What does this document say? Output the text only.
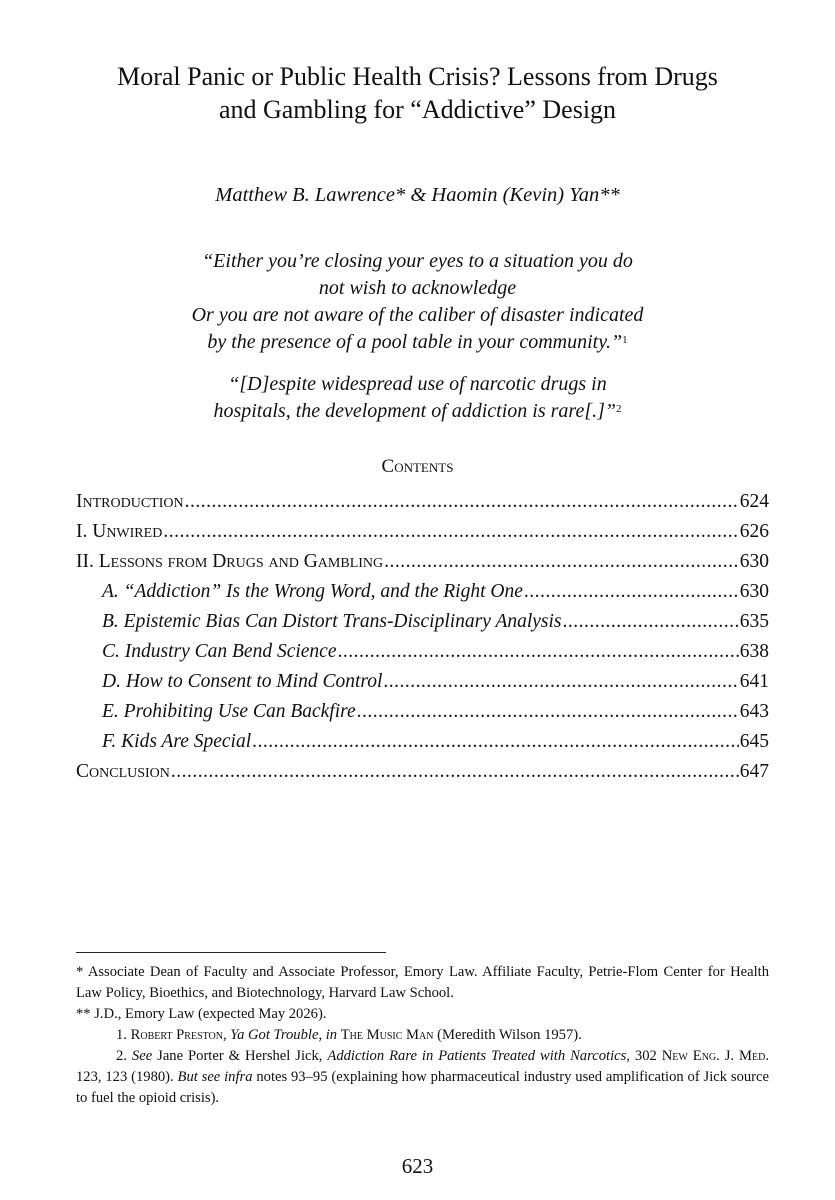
Moral Panic or Public Health Crisis? Lessons from Drugs
and Gambling for “Addictive” Design
Matthew B. Lawrence* & Haomin (Kevin) Yan**
“Either you’re closing your eyes to a situation you do
not wish to acknowledge
Or you are not aware of the caliber of disaster indicated
by the presence of a pool table in your community.”$^1$
“[D]espite widespread use of narcotic drugs in
hospitals, the development of addiction is rare[.]”$^2$
Contents
Introduction .....	624
I. Unwired .....	626
II. Lessons from Drugs and Gambling .....	630
A. “Addiction” Is the Wrong Word, and the Right One .....	630
B. Epistemic Bias Can Distort Trans-Disciplinary Analysis .....	635
C. Industry Can Bend Science .....	638
D. How to Consent to Mind Control .....	641
E. Prohibiting Use Can Backfire .....	643
F. Kids Are Special .....	645
Conclusion .....	647

* Associate Dean of Faculty and Associate Professor, Emory Law. Affiliate Faculty, Petrie-Flom Center for Health Law Policy, Bioethics, and Biotechnology, Harvard Law School.

** J.D., Emory Law (expected May 2026).

1. Robert Preston, Ya Got Trouble, in The Music Man (Meredith Wilson 1957).

2. See Jane Porter & Hershel Jick, Addiction Rare in Patients Treated with Narcotics, 302 New Eng. J. Med. 123, 123 (1980). But see infra notes 93–95 (explaining how pharmaceutical industry used amplification of Jick source to fuel the opioid crisis).

623
